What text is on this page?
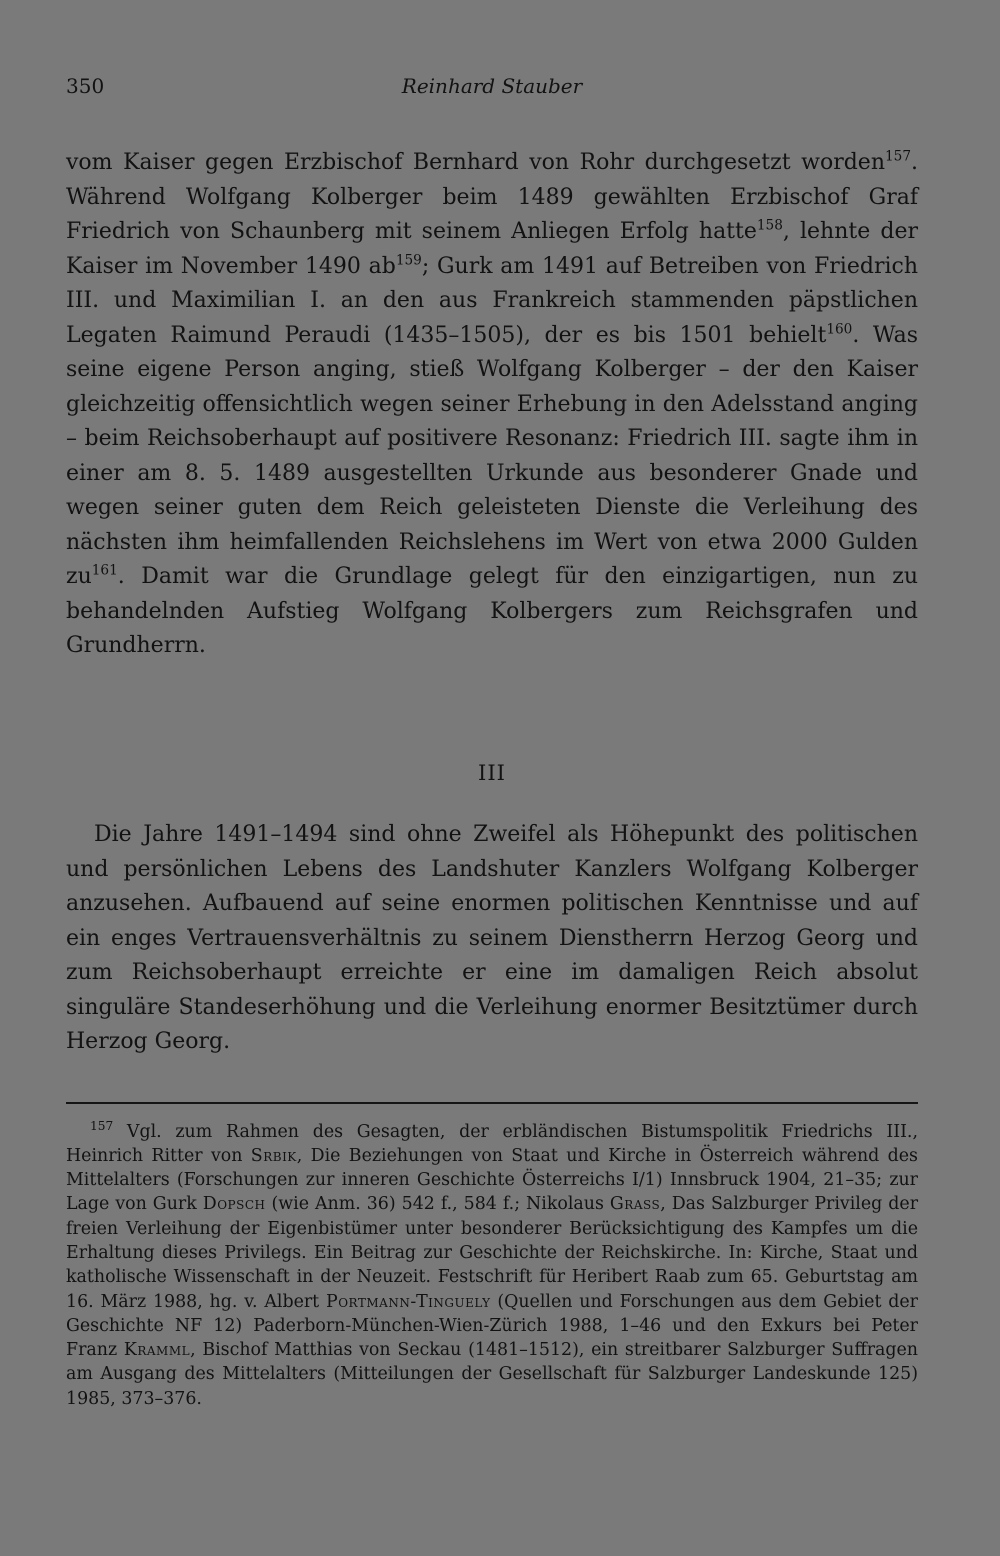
350	Reinhard Stauber

vom Kaiser gegen Erzbischof Bernhard von Rohr durchgesetzt worden$^{157}$. Während Wolfgang Kolberger beim 1489 gewählten Erzbischof Graf Friedrich von Schaunberg mit seinem Anliegen Erfolg hatte$^{158}$, lehnte der Kaiser im November 1490 $ab^{159}$; Gurk am 1491 auf Betreiben von Friedrich III. und Maximilian I. an den aus Frankreich stammenden päpstlichen Legaten Raimund Peraudi (1435–1505), der es bis 1501 behielt$^{160}$. Was seine eigene Person anging, stieß Wolfgang Kolberger – der den Kaiser gleichzeitig offensichtlich wegen seiner Erhebung in den Adelsstand anging – beim Reichsoberhaupt auf positivere Resonanz: Friedrich III. sagte ihm in einer am 8. 5. 1489 ausgestellten Urkunde aus besonderer Gnade und wegen seiner guten dem Reich geleisteten Dienste die Verleihung des nächsten ihm heimfallenden Reichslehens im Wert von etwa 2000 Gulden $zu^{161}$. Damit war die Grundlage gelegt für den einzigartigen, nun zu behandelnden Aufstieg Wolfgang Kolbergers zum Reichsgrafen und Grundherrn.

III

Die Jahre 1491–1494 sind ohne Zweifel als Höhepunkt des politischen und persönlichen Lebens des Landshuter Kanzlers Wolfgang Kolberger anzusehen. Aufbauend auf seine enormen politischen Kenntnisse und auf ein enges Vertrauensverhältnis zu seinem Dienstherrn Herzog Georg und zum Reichsoberhaupt erreichte er eine im damaligen Reich absolut singuläre Standeserhöhung und die Verleihung enormer Besitztümer durch Herzog Georg.

$^{157}$ Vgl. zum Rahmen des Gesagten, der erbländischen Bistumspolitik Friedrichs III., Heinrich Ritter von Srbik, Die Beziehungen von Staat und Kirche in Österreich während des Mittelalters (Forschungen zur inneren Geschichte Österreichs I/1) Innsbruck 1904, 21–35; zur Lage von Gurk Dopsch (wie Anm. 36) 542 f., 584 f.; Nikolaus Grass, Das Salzburger Privileg der freien Verleihung der Eigenbistümer unter besonderer Berücksichtigung des Kampfes um die Erhaltung dieses Privilegs. Ein Beitrag zur Geschichte der Reichskirche. In: Kirche, Staat und katholische Wissenschaft in der Neuzeit. Festschrift für Heribert Raab zum 65. Geburtstag am 16. März 1988, hg. v. Albert Portmann-Tinguely (Quellen und Forschungen aus dem Gebiet der Geschichte NF 12) Paderborn-München-Wien-Zürich 1988, 1–46 und den Exkurs bei Peter Franz Kramml, Bischof Matthias von Seckau (1481–1512), ein streitbarer Salzburger Suffragen am Ausgang des Mittelalters (Mitteilungen der Gesellschaft für Salzburger Landeskunde 125) 1985, 373–376.
